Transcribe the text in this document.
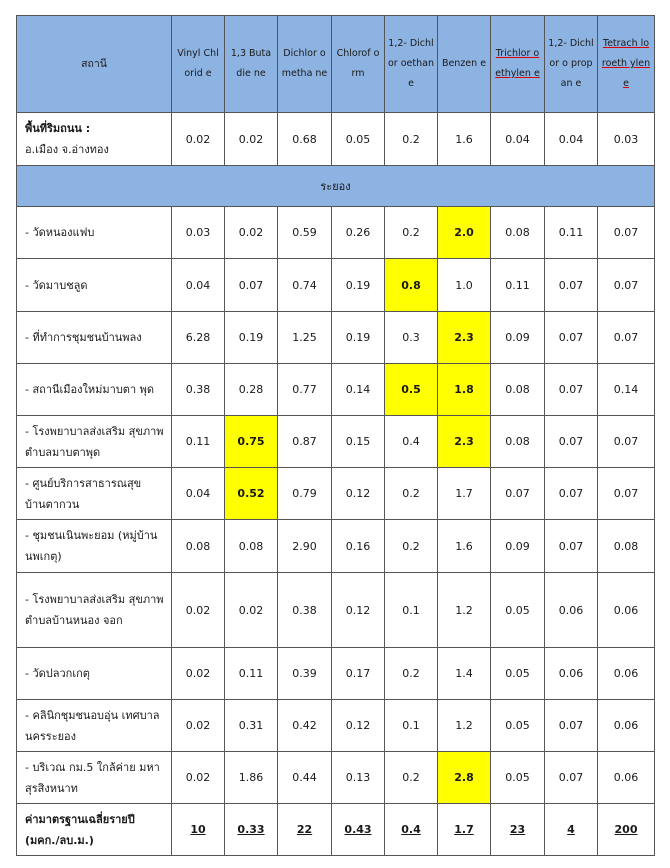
สถานี	Vinyl Chlorid e	1,3 Butadie ne	Dichlor ometha ne	Chlorof orm	1,2- Dichlor oethan e	Benzen e	Trichlor o ethylen e	1,2- Dichlor o propan e	Tetrach loroeth ylene
พื้นที่ริมถนน :
อ.เมือง จ.อ่างทอง	0.02	0.02	0.68	0.05	0.2	1.6	0.04	0.04	0.03
ระยอง									
- วัดหนองแฟบ	0.03	0.02	0.59	0.26	0.2	2.0	0.08	0.11	0.07
- วัดมาบชลูด	0.04	0.07	0.74	0.19	0.8	1.0	0.11	0.07	0.07
- ที่ทำการชุมชนบ้านพลง	6.28	0.19	1.25	0.19	0.3	2.3	0.09	0.07	0.07
- สถานีเมืองใหม่มาบตา พุด	0.38	0.28	0.77	0.14	0.5	1.8	0.08	0.07	0.14
- โรงพยาบาลส่งเสริม สุขภาพตำบลมาบตาพุด	0.11	0.75	0.87	0.15	0.4	2.3	0.08	0.07	0.07
- ศูนย์บริการสาธารณสุข บ้านตากวน	0.04	0.52	0.79	0.12	0.2	1.7	0.07	0.07	0.07
- ชุมชนเนินพะยอม (หมู่บ้านนพเกตุ)	0.08	0.08	2.90	0.16	0.2	1.6	0.09	0.07	0.08
- โรงพยาบาลส่งเสริม สุขภาพตำบลบ้านหนอง จอก	0.02	0.02	0.38	0.12	0.1	1.2	0.05	0.06	0.06
- วัดปลวกเกตุ	0.02	0.11	0.39	0.17	0.2	1.4	0.05	0.06	0.06
- คลินิกชุมชนอบอุ่น เทศบาล นครระยอง	0.02	0.31	0.42	0.12	0.1	1.2	0.05	0.07	0.06
- บริเวณ กม.5 ใกล้ค่าย มหาสุรสิงหนาท	0.02	1.86	0.44	0.13	0.2	2.8	0.05	0.07	0.06
ค่ามาตรฐานเฉลี่ยรายปี (มคก./ลบ.ม.)	10	0.33	22	0.43	0.4	1.7	23	4	200
